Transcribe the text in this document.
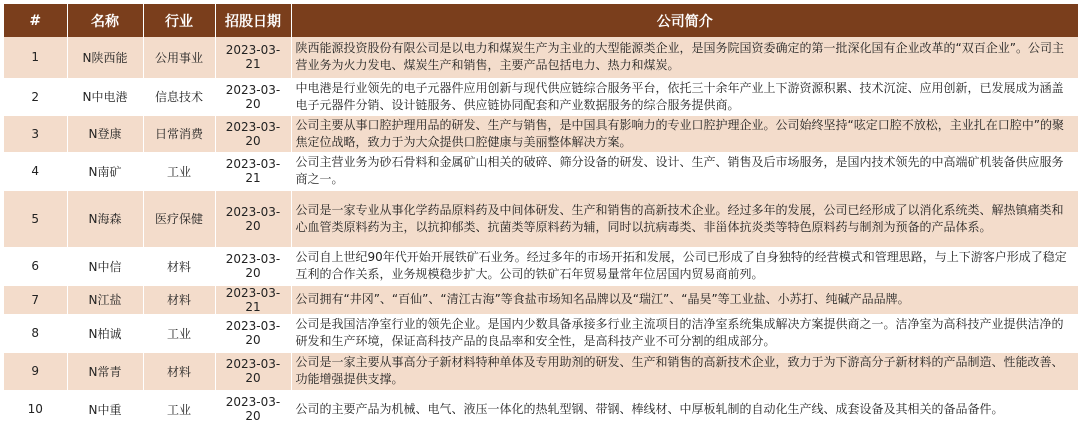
#	名称	行业	招股日期	公司简介
1	N陕西能	公用事业	2023-03-21	陕西能源投资股份有限公司是以电力和煤炭生产为主业的大型能源类企业，是国务院国资委确定的第一批深化国有企业改革的“双百企业”。公司主营业务为火力发电、煤炭生产和销售，主要产品包括电力、热力和煤炭。
2	N中电港	信息技术	2023-03-20	中电港是行业领先的电子元器件应用创新与现代供应链综合服务平台，依托三十余年产业上下游资源积累、技术沉淀、应用创新，已发展成为涵盖电子元器件分销、设计链服务、供应链协同配套和产业数据服务的综合服务提供商。
3	N登康	日常消费	2023-03-20	公司主要从事口腔护理用品的研发、生产与销售，是中国具有影响力的专业口腔护理企业。公司始终坚持“呟定口腔不放松，主业扎在口腔中”的聚焦定位战略，致力于为大众提供口腔健康与美丽整体解决方案。
4	N南矿	工业	2023-03-21	公司主营业务为砂石骨料和金属矿山相关的破碎、筛分设备的研发、设计、生产、销售及后市场服务，是国内技术领先的中高端矿机装备供应服务商之一。
5	N海森	医疗保健	2023-03-20	公司是一家专业从事化学药品原料药及中间体研发、生产和销售的高新技术企业。经过多年的发展，公司已经形成了以消化系统类、解热镇痛类和心血管类原料药为主，以抗抑郁类、抗菌类等原料药为辅，同时以抗病毒类、非甾体抗炎类等特色原料药与制剂为预备的产品体系。
6	N中信	材料	2023-03-20	公司自上世纪90年代开始开展铁矿石业务。经过多年的市场开拓和发展，公司已形成了自身独特的经营模式和管理思路，与上下游客户形成了稳定互利的合作关系，业务规模稳步扩大。公司的铁矿石年贸易量常年位居国内贸易商前列。
7	N江盐	材料	2023-03-21	公司拥有“井冈”、“百仙”、“清江古海”等食盐市场知名品牌以及“瑞江”、“晶昊”等工业盐、小苏打、纯碱产品品牌。
8	N柏诚	工业	2023-03-20	公司是我国洁净室行业的领先企业。是国内少数具备承接多行业主流项目的洁净室系统集成解决方案提供商之一。洁净室为高科技产业提供洁净的研发和生产环境，保证高科技产品的良品率和安全性，是高科技产业不可分割的组成部分。
9	N常青	材料	2023-03-20	公司是一家主要从事高分子新材料特种单体及专用助剂的研发、生产和销售的高新技术企业，致力于为下游高分子新材料的产品制造、性能改善、功能增强提供支撑。
10	N中重	工业	2023-03-20	公司的主要产品为机械、电气、液压一体化的热轧型钢、带钢、棒线材、中厚板轧制的自动化生产线、成套设备及其相关的备品备件。
